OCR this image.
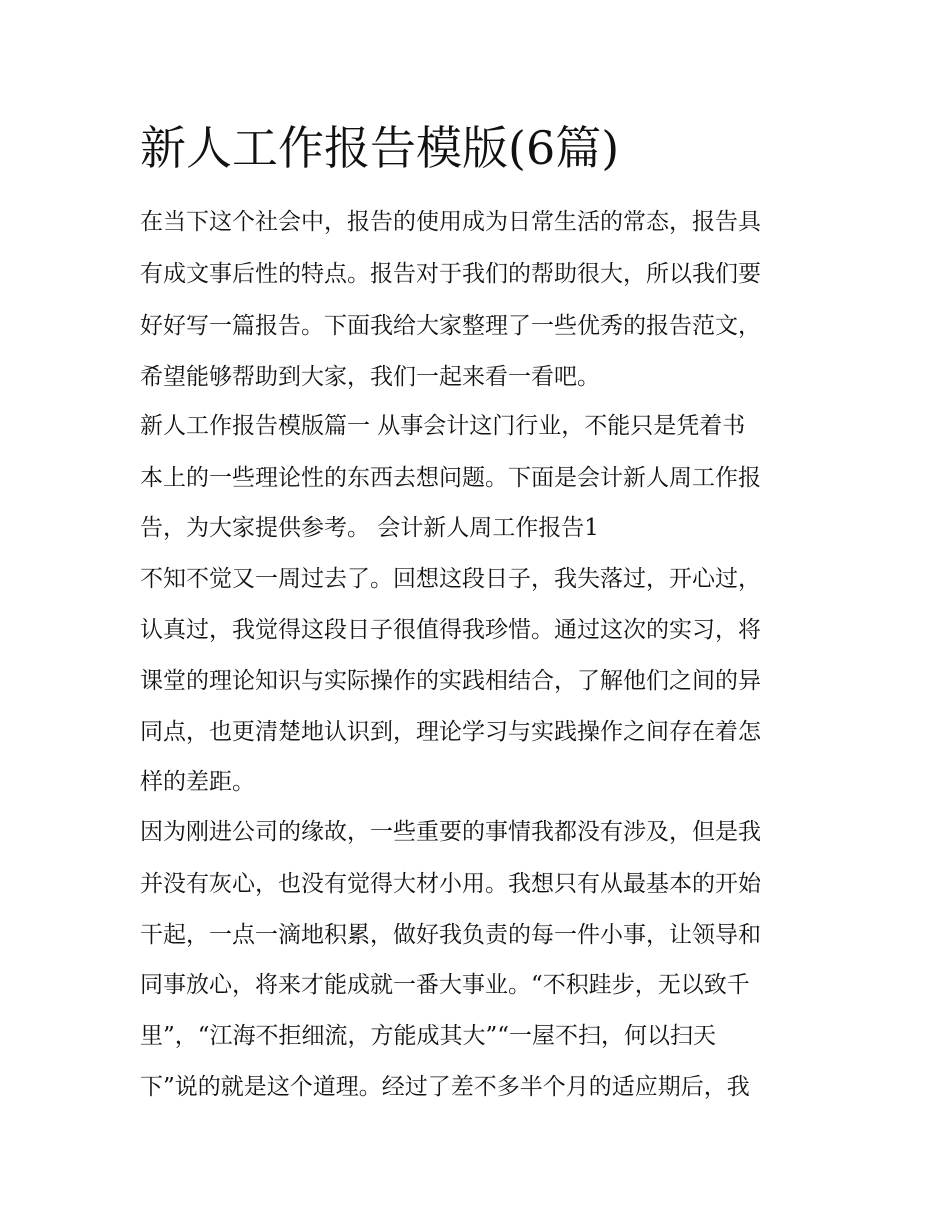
新人工作报告模版(6篇)

在当下这个社会中，报告的使用成为日常生活的常态，报告具

有成文事后性的特点。报告对于我们的帮助很大，所以我们要

好好写一篇报告。下面我给大家整理了一些优秀的报告范文，

希望能够帮助到大家，我们一起来看一看吧。

新人工作报告模版篇一 从事会计这门行业，不能只是凭着书

本上的一些理论性的东西去想问题。下面是会计新人周工作报

告，为大家提供参考。 会计新人周工作报告1

不知不觉又一周过去了。回想这段日子，我失落过，开心过，

认真过，我觉得这段日子很值得我珍惜。通过这次的实习，将

课堂的理论知识与实际操作的实践相结合，了解他们之间的异

同点，也更清楚地认识到，理论学习与实践操作之间存在着怎

样的差距。

因为刚进公司的缘故，一些重要的事情我都没有涉及，但是我

并没有灰心，也没有觉得大材小用。我想只有从最基本的开始

干起，一点一滴地积累，做好我负责的每一件小事，让领导和

同事放心，将来才能成就一番大事业。“不积跬步，无以致千

里”，“江海不拒细流，方能成其大”“一屋不扫，何以扫天

下”说的就是这个道理。经过了差不多半个月的适应期后，我
